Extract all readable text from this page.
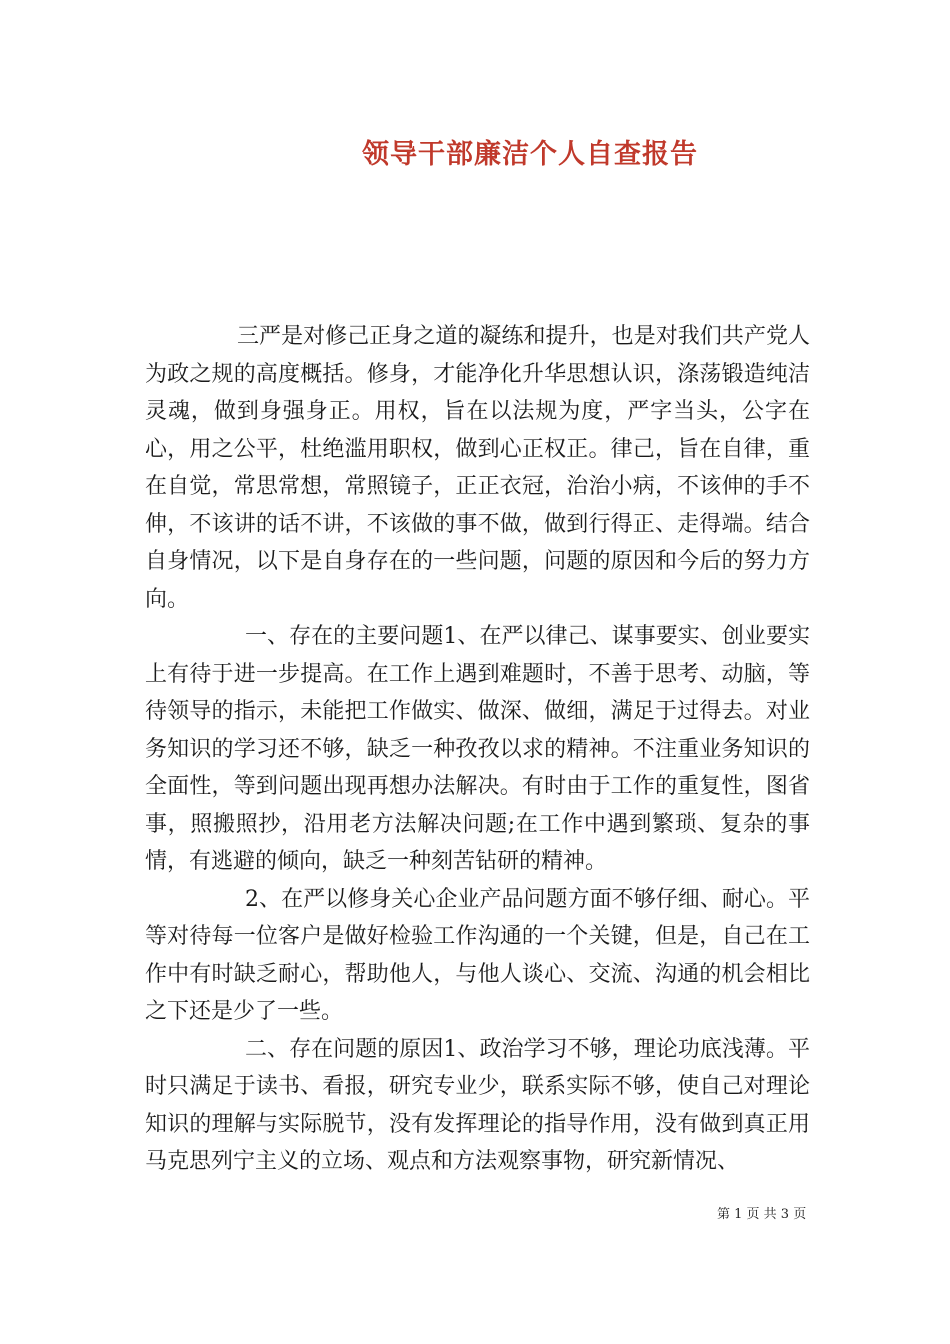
领导干部廉洁个人自查报告

三严是对修己正身之道的凝练和提升，也是对我们共产党人为政之规的高度概括。修身，才能净化升华思想认识，涤荡锻造纯洁灵魂，做到身强身正。用权，旨在以法规为度，严字当头，公字在心，用之公平，杜绝滥用职权，做到心正权正。律己，旨在自律，重在自觉，常思常想，常照镜子，正正衣冠，治治小病，不该伸的手不伸，不该讲的话不讲，不该做的事不做，做到行得正、走得端。结合自身情况，以下是自身存在的一些问题，问题的原因和今后的努力方向。

一、存在的主要问题1、在严以律己、谋事要实、创业要实上有待于进一步提高。在工作上遇到难题时，不善于思考、动脑，等待领导的指示，未能把工作做实、做深、做细，满足于过得去。对业务知识的学习还不够，缺乏一种孜孜以求的精神。不注重业务知识的全面性，等到问题出现再想办法解决。有时由于工作的重复性，图省事，照搬照抄，沿用老方法解决问题;在工作中遇到繁琐、复杂的事情，有逃避的倾向，缺乏一种刻苦钻研的精神。

2、在严以修身关心企业产品问题方面不够仔细、耐心。平等对待每一位客户是做好检验工作沟通的一个关键，但是，自己在工作中有时缺乏耐心，帮助他人，与他人谈心、交流、沟通的机会相比之下还是少了一些。

二、存在问题的原因1、政治学习不够，理论功底浅薄。平时只满足于读书、看报，研究专业少，联系实际不够，使自己对理论知识的理解与实际脱节，没有发挥理论的指导作用，没有做到真正用马克思列宁主义的立场、观点和方法观察事物，研究新情况、

第 1 页 共 3 页
